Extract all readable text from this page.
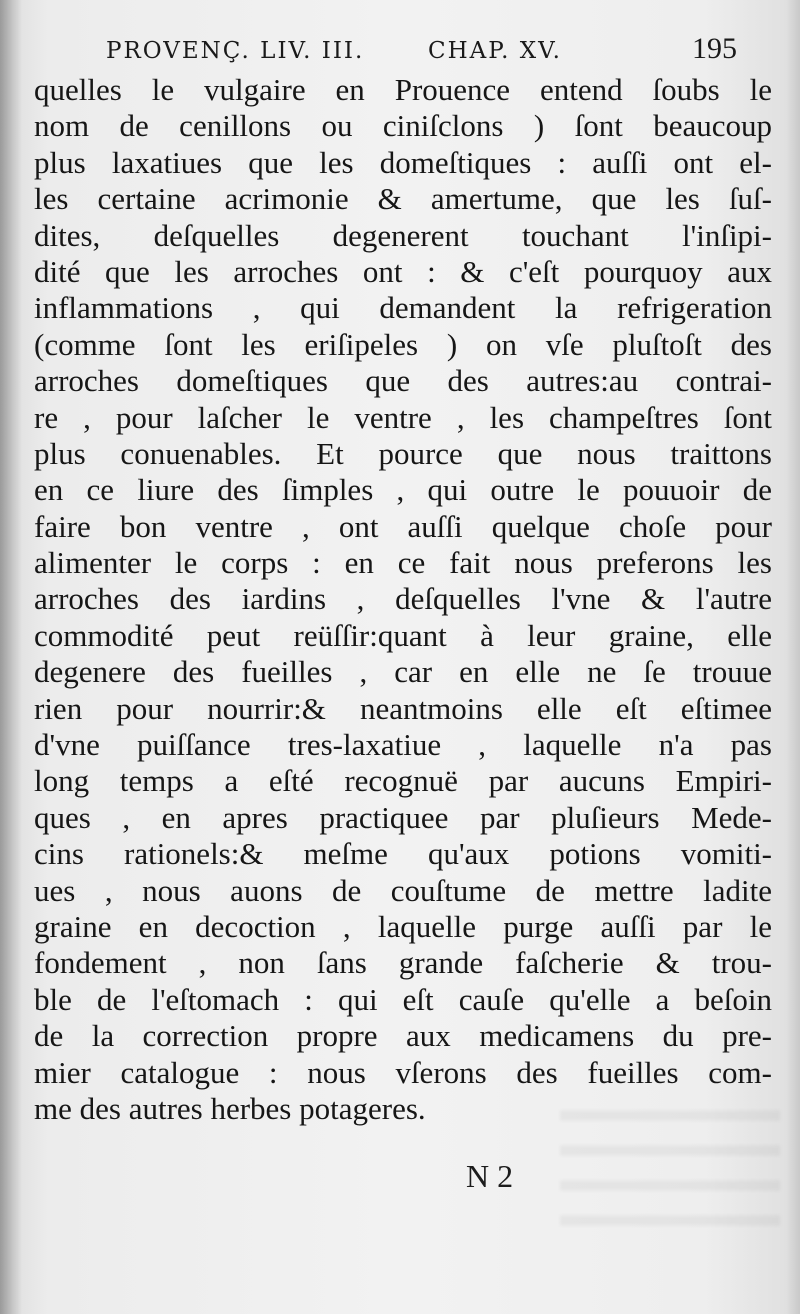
PROVENÇ. LIV. III.	CHAP. XV.	195
quelles le vulgaire en Prouence entend ſoubs le
nom de cenillons ou ciniſclons ) ſont beaucoup
plus laxatiues que les domeſtiques : auſſi ont el-
les certaine acrimonie & amertume, que les ſuſ-
dites, deſquelles degenerent touchant l'inſipi-
dité que les arroches ont : & c'eſt pourquoy aux
inflammations , qui demandent la refrigeration
(comme ſont les eriſipeles ) on vſe pluſtoſt des
arroches domeſtiques que des autres:au contrai-
re , pour laſcher le ventre , les champeſtres ſont
plus conuenables. Et pource que nous traittons
en ce liure des ſimples , qui outre le pouuoir de
faire bon ventre , ont auſſi quelque choſe pour
alimenter le corps : en ce fait nous preferons les
arroches des iardins , deſquelles l'vne & l'autre
commodité peut reüſſir:quant à leur graine, elle
degenere des fueilles , car en elle ne ſe trouue
rien pour nourrir:& neantmoins elle eſt eſtimee
d'vne puiſſance tres-laxatiue , laquelle n'a pas
long temps a eſté recognuë par aucuns Empiri-
ques , en apres practiquee par pluſieurs Mede-
cins rationels:& meſme qu'aux potions vomiti-
ues , nous auons de couſtume de mettre ladite
graine en decoction , laquelle purge auſſi par le
fondement , non ſans grande faſcherie & trou-
ble de l'eſtomach : qui eſt cauſe qu'elle a beſoin
de la correction propre aux medicamens du pre-
mier catalogue : nous vſerons des fueilles com-
me des autres herbes potageres.
N 2
